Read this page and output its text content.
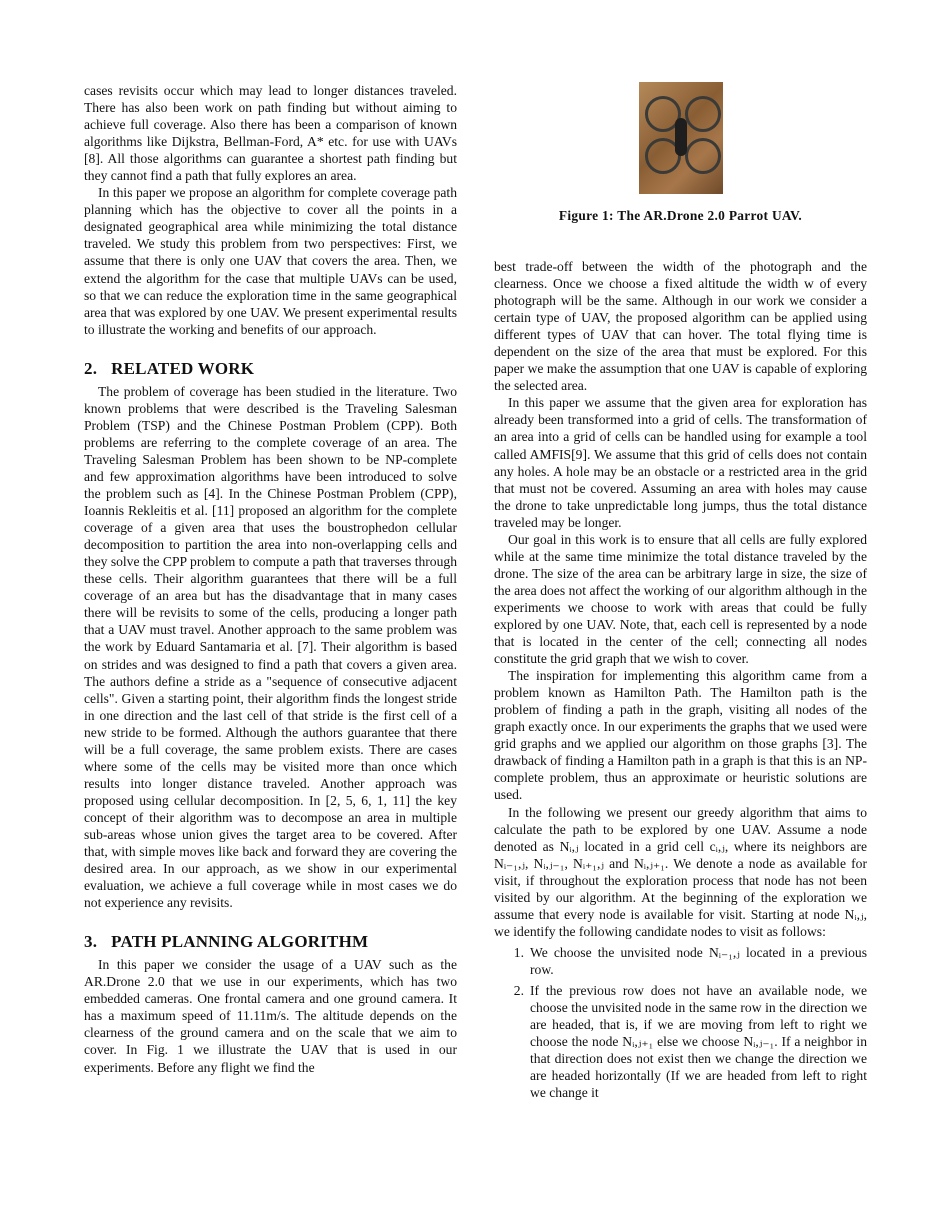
cases revisits occur which may lead to longer distances traveled. There has also been work on path finding but without aiming to achieve full coverage. Also there has been a comparison of known algorithms like Dijkstra, Bellman-Ford, A* etc. for use with UAVs [8]. All those algorithms can guarantee a shortest path finding but they cannot find a path that fully explores an area.

In this paper we propose an algorithm for complete coverage path planning which has the objective to cover all the points in a designated geographical area while minimizing the total distance traveled. We study this problem from two perspectives: First, we assume that there is only one UAV that covers the area. Then, we extend the algorithm for the case that multiple UAVs can be used, so that we can reduce the exploration time in the same geographical area that was explored by one UAV. We present experimental results to illustrate the working and benefits of our approach.

2. RELATED WORK

The problem of coverage has been studied in the literature. Two known problems that were described is the Traveling Salesman Problem (TSP) and the Chinese Postman Problem (CPP). Both problems are referring to the complete coverage of an area. The Traveling Salesman Problem has been shown to be NP-complete and few approximation algorithms have been introduced to solve the problem such as [4]. In the Chinese Postman Problem (CPP), Ioannis Rekleitis et al. [11] proposed an algorithm for the complete coverage of a given area that uses the boustrophedon cellular decomposition to partition the area into non-overlapping cells and they solve the CPP problem to compute a path that traverses through these cells. Their algorithm guarantees that there will be a full coverage of an area but has the disadvantage that in many cases there will be revisits to some of the cells, producing a longer path that a UAV must travel. Another approach to the same problem was the work by Eduard Santamaria et al. [7]. Their algorithm is based on strides and was designed to find a path that covers a given area. The authors define a stride as a "sequence of consecutive adjacent cells". Given a starting point, their algorithm finds the longest stride in one direction and the last cell of that stride is the first cell of a new stride to be formed. Although the authors guarantee that there will be a full coverage, the same problem exists. There are cases where some of the cells may be visited more than once which results into longer distance traveled. Another approach was proposed using cellular decomposition. In [2, 5, 6, 1, 11] the key concept of their algorithm was to decompose an area in multiple sub-areas whose union gives the target area to be covered. After that, with simple moves like back and forward they are covering the desired area. In our approach, as we show in our experimental evaluation, we achieve a full coverage while in most cases we do not experience any revisits.

3. PATH PLANNING ALGORITHM

In this paper we consider the usage of a UAV such as the AR.Drone 2.0 that we use in our experiments, which has two embedded cameras. One frontal camera and one ground camera. It has a maximum speed of 11.11m/s. The altitude depends on the clearness of the ground camera and on the scale that we aim to cover. In Fig. 1 we illustrate the UAV that is used in our experiments. Before any flight we find the

Figure 1: The AR.Drone 2.0 Parrot UAV.

best trade-off between the width of the photograph and the clearness. Once we choose a fixed altitude the width w of every photograph will be the same. Although in our work we consider a certain type of UAV, the proposed algorithm can be applied using different types of UAV that can hover. The total flying time is dependent on the size of the area that must be explored. For this paper we make the assumption that one UAV is capable of exploring the selected area.

In this paper we assume that the given area for exploration has already been transformed into a grid of cells. The transformation of an area into a grid of cells can be handled using for example a tool called AMFIS[9]. We assume that this grid of cells does not contain any holes. A hole may be an obstacle or a restricted area in the grid that must not be covered. Assuming an area with holes may cause the drone to take unpredictable long jumps, thus the total distance traveled may be longer.

Our goal in this work is to ensure that all cells are fully explored while at the same time minimize the total distance traveled by the drone. The size of the area can be arbitrary large in size, the size of the area does not affect the working of our algorithm although in the experiments we choose to work with areas that could be fully explored by one UAV. Note, that, each cell is represented by a node that is located in the center of the cell; connecting all nodes constitute the grid graph that we wish to cover.

The inspiration for implementing this algorithm came from a problem known as Hamilton Path. The Hamilton path is the problem of finding a path in the graph, visiting all nodes of the graph exactly once. In our experiments the graphs that we used were grid graphs and we applied our algorithm on those graphs [3]. The drawback of finding a Hamilton path in a graph is that this is an NP-complete problem, thus an approximate or heuristic solutions are used.

In the following we present our greedy algorithm that aims to calculate the path to be explored by one UAV. Assume a node denoted as Nᵢ,ⱼ located in a grid cell cᵢ,ⱼ, where its neighbors are Nᵢ₋₁,ⱼ, Nᵢ,ⱼ₋₁, Nᵢ₊₁,ⱼ and Nᵢ,ⱼ₊₁. We denote a node as available for visit, if throughout the exploration process that node has not been visited by our algorithm. At the beginning of the exploration we assume that every node is available for visit. Starting at node Nᵢ,ⱼ, we identify the following candidate nodes to visit as follows:

1. We choose the unvisited node Nᵢ₋₁,ⱼ located in a previous row.
2. If the previous row does not have an available node, we choose the unvisited node in the same row in the direction we are headed, that is, if we are moving from left to right we choose the node Nᵢ,ⱼ₊₁ else we choose Nᵢ,ⱼ₋₁. If a neighbor in that direction does not exist then we change the direction we are headed horizontally (If we are headed from left to right we change it
